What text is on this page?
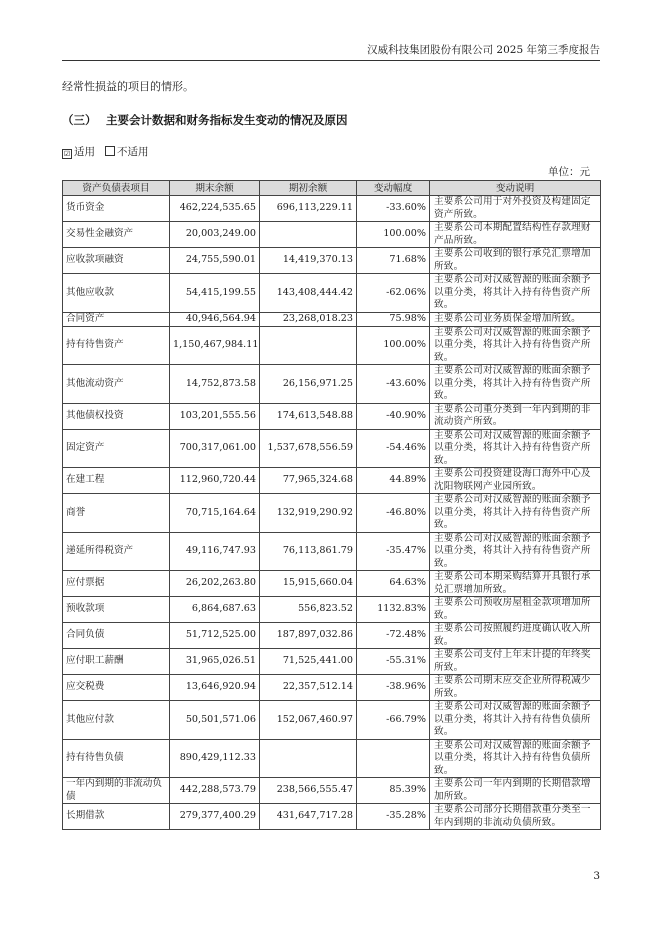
汉威科技集团股份有限公司 2025 年第三季度报告
经常性损益的项目的情形。
（三） 主要会计数据和财务指标发生变动的情况及原因
☑ 适用 不适用
单位：元
资产负债表项目	期末余额	期初余额	变动幅度	变动说明
货币资金	462,224,535.65	696,113,229.11	-33.60%	主要系公司用于对外投资及构建固定资产所致。
交易性金融资产	20,003,249.00		100.00%	主要系公司本期配置结构性存款理财产品所致。
应收款项融资	24,755,590.01	14,419,370.13	71.68%	主要系公司收到的银行承兑汇票增加所致。
其他应收款	54,415,199.55	143,408,444.42	-62.06%	主要系公司对汉威智源的账面余额予以重分类，将其计入持有待售资产所致。
合同资产	40,946,564.94	23,268,018.23	75.98%	主要系公司业务质保金增加所致。
持有待售资产	1,150,467,984.11		100.00%	主要系公司对汉威智源的账面余额予以重分类，将其计入持有待售资产所致。
其他流动资产	14,752,873.58	26,156,971.25	-43.60%	主要系公司对汉威智源的账面余额予以重分类，将其计入持有待售资产所致。
其他债权投资	103,201,555.56	174,613,548.88	-40.90%	主要系公司重分类到一年内到期的非流动资产所致。
固定资产	700,317,061.00	1,537,678,556.59	-54.46%	主要系公司对汉威智源的账面余额予以重分类，将其计入持有待售资产所致。
在建工程	112,960,720.44	77,965,324.68	44.89%	主要系公司投资建设海口海外中心及沈阳物联网产业园所致。
商誉	70,715,164.64	132,919,290.92	-46.80%	主要系公司对汉威智源的账面余额予以重分类，将其计入持有待售资产所致。
递延所得税资产	49,116,747.93	76,113,861.79	-35.47%	主要系公司对汉威智源的账面余额予以重分类，将其计入持有待售资产所致。
应付票据	26,202,263.80	15,915,660.04	64.63%	主要系公司本期采购结算开具银行承兑汇票增加所致。
预收款项	6,864,687.63	556,823.52	1132.83%	主要系公司预收房屋租金款项增加所致。
合同负债	51,712,525.00	187,897,032.86	-72.48%	主要系公司按照履约进度确认收入所致。
应付职工薪酬	31,965,026.51	71,525,441.00	-55.31%	主要系公司支付上年末计提的年终奖所致。
应交税费	13,646,920.94	22,357,512.14	-38.96%	主要系公司期末应交企业所得税减少所致。
其他应付款	50,501,571.06	152,067,460.97	-66.79%	主要系公司对汉威智源的账面余额予以重分类，将其计入持有待售负债所致。
持有待售负债	890,429,112.33			主要系公司对汉威智源的账面余额予以重分类，将其计入持有待售负债所致。
一年内到期的非流动负债	442,288,573.79	238,566,555.47	85.39%	主要系公司一年内到期的长期借款增加所致。
长期借款	279,377,400.29	431,647,717.28	-35.28%	主要系公司部分长期借款重分类至一年内到期的非流动负债所致。
3
